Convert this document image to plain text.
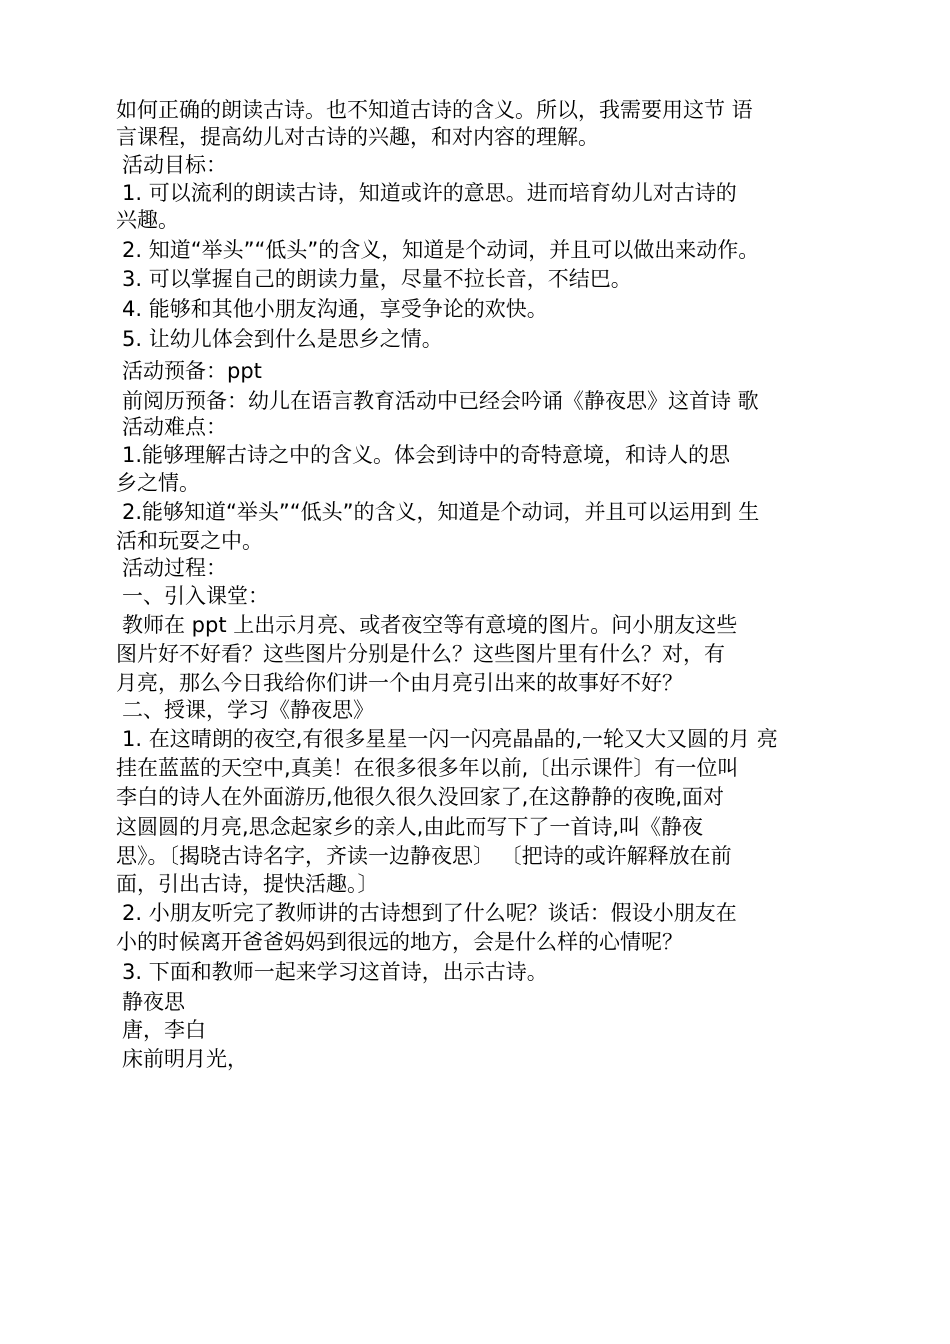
如何正确的朗读古诗。也不知道古诗的含义。所以，我需要用这节 语
言课程，提高幼儿对古诗的兴趣，和对内容的理解。
活动目标：
1. 可以流利的朗读古诗，知道或许的意思。进而培育幼儿对古诗的
兴趣。
2. 知道“举头”“低头”的含义，知道是个动词，并且可以做出来动作。
3. 可以掌握自己的朗读力量，尽量不拉长音，不结巴。
4. 能够和其他小朋友沟通，享受争论的欢快。
5. 让幼儿体会到什么是思乡之情。
活动预备：ppt
前阅历预备：幼儿在语言教育活动中已经会吟诵《静夜思》这首诗 歌
活动难点：
1.能够理解古诗之中的含义。体会到诗中的奇特意境，和诗人的思
乡之情。
2.能够知道“举头”“低头”的含义，知道是个动词，并且可以运用到 生
活和玩耍之中。
活动过程：
一、引入课堂：
教师在 ppt 上出示月亮、或者夜空等有意境的图片。问小朋友这些
图片好不好看？这些图片分别是什么？这些图片里有什么？对，有
月亮，那么今日我给你们讲一个由月亮引出来的故事好不好？
二、授课，学习《静夜思》
1. 在这晴朗的夜空,有很多星星一闪一闪亮晶晶的,一轮又大又圆的月 亮
挂在蓝蓝的天空中,真美！在很多很多年以前,〔出示课件〕有一位叫
李白的诗人在外面游历,他很久很久没回家了,在这静静的夜晚,面对
这圆圆的月亮,思念起家乡的亲人,由此而写下了一首诗,叫《静夜
思》。〔揭晓古诗名字，齐读一边静夜思〕 〔把诗的或许解释放在前
面，引出古诗，提快活趣。〕
2. 小朋友听完了教师讲的古诗想到了什么呢？谈话：假设小朋友在
小的时候离开爸爸妈妈到很远的地方，会是什么样的心情呢？
3. 下面和教师一起来学习这首诗，出示古诗。
静夜思
唐，李白
床前明月光，
